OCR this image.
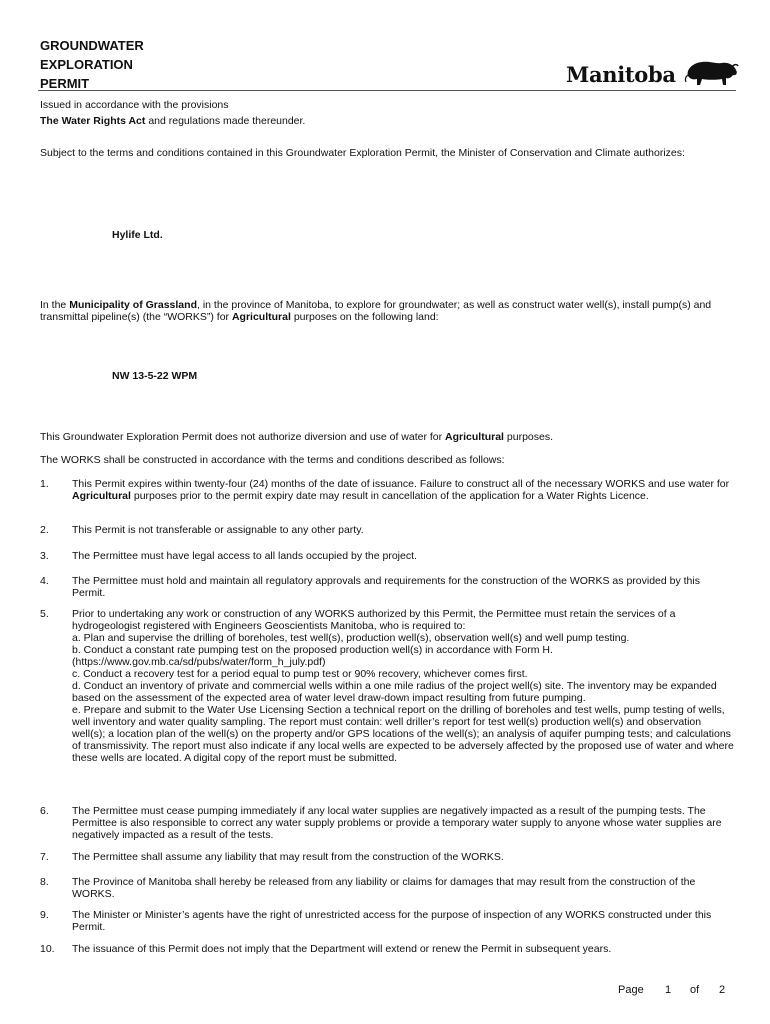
GROUNDWATER
EXPLORATION
PERMIT	Manitoba
Issued in accordance with the provisions
The Water Rights Act and regulations made thereunder.
Subject to the terms and conditions contained in this Groundwater Exploration Permit, the Minister of Conservation and Climate authorizes:
Hylife Ltd.
In the Municipality of Grassland, in the province of Manitoba, to explore for groundwater; as well as construct water well(s), install pump(s) and transmittal pipeline(s) (the “WORKS”) for Agricultural purposes on the following land:
NW 13-5-22 WPM
This Groundwater Exploration Permit does not authorize diversion and use of water for Agricultural purposes.
The WORKS shall be constructed in accordance with the terms and conditions described as follows:
1.	This Permit expires within twenty-four (24) months of the date of issuance. Failure to construct all of the necessary WORKS and use water for Agricultural purposes prior to the permit expiry date may result in cancellation of the application for a Water Rights Licence.
2.	This Permit is not transferable or assignable to any other party.
3.	The Permittee must have legal access to all lands occupied by the project.
4.	The Permittee must hold and maintain all regulatory approvals and requirements for the construction of the WORKS as provided by this Permit.
5.	Prior to undertaking any work or construction of any WORKS authorized by this Permit, the Permittee must retain the services of a hydrogeologist registered with Engineers Geoscientists Manitoba, who is required to:
a. Plan and supervise the drilling of boreholes, test well(s), production well(s), observation well(s) and well pump testing.
b. Conduct a constant rate pumping test on the proposed production well(s) in accordance with Form H. (https://www.gov.mb.ca/sd/pubs/water/form_h_july.pdf)
c. Conduct a recovery test for a period equal to pump test or 90% recovery, whichever comes first.
d. Conduct an inventory of private and commercial wells within a one mile radius of the project well(s) site. The inventory may be expanded based on the assessment of the expected area of water level draw-down impact resulting from future pumping.
e. Prepare and submit to the Water Use Licensing Section a technical report on the drilling of boreholes and test wells, pump testing of wells, well inventory and water quality sampling. The report must contain: well driller’s report for test well(s) production well(s) and observation well(s); a location plan of the well(s) on the property and/or GPS locations of the well(s); an analysis of aquifer pumping tests; and calculations of transmissivity. The report must also indicate if any local wells are expected to be adversely affected by the proposed use of water and where these wells are located. A digital copy of the report must be submitted.
6.	The Permittee must cease pumping immediately if any local water supplies are negatively impacted as a result of the pumping tests. The Permittee is also responsible to correct any water supply problems or provide a temporary water supply to anyone whose water supplies are negatively impacted as a result of the tests.
7.	The Permittee shall assume any liability that may result from the construction of the WORKS.
8.	The Province of Manitoba shall hereby be released from any liability or claims for damages that may result from the construction of the WORKS.
9.	The Minister or Minister’s agents have the right of unrestricted access for the purpose of inspection of any WORKS constructed under this Permit.
10.	The issuance of this Permit does not imply that the Department will extend or renew the Permit in subsequent years.
Page 1 of 2
